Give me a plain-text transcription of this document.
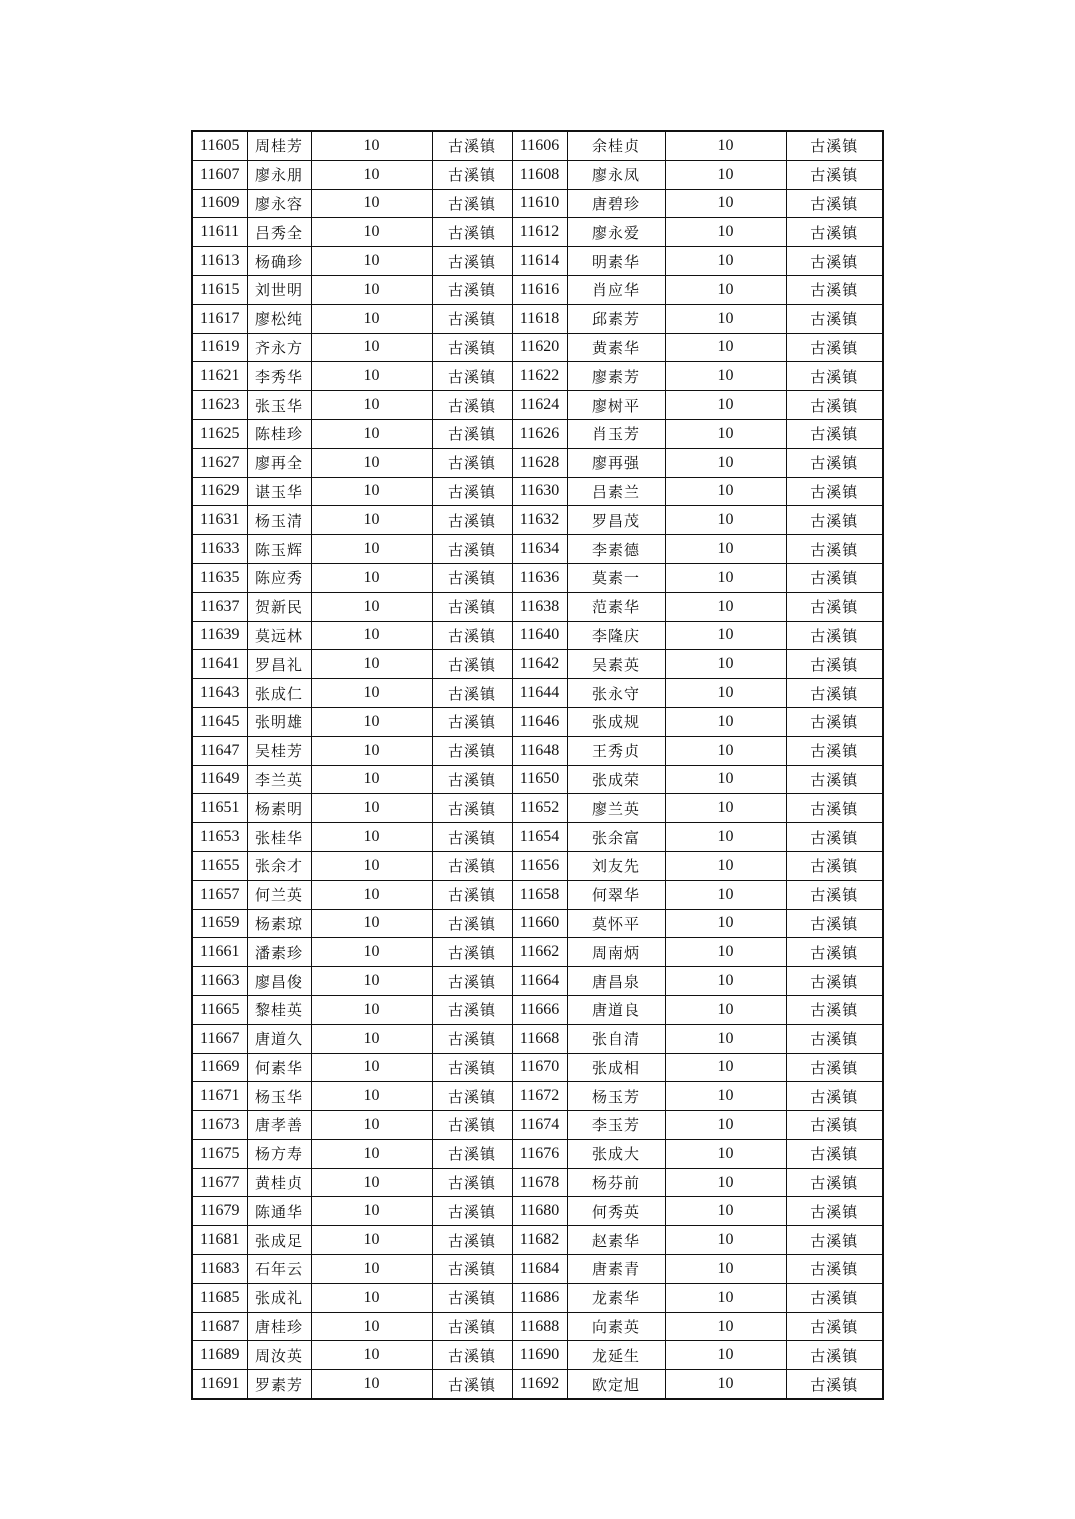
11605	周桂芳	10	古溪镇	11606	余桂贞	10	古溪镇
11607	廖永朋	10	古溪镇	11608	廖永凤	10	古溪镇
11609	廖永容	10	古溪镇	11610	唐碧珍	10	古溪镇
11611	吕秀全	10	古溪镇	11612	廖永爱	10	古溪镇
11613	杨确珍	10	古溪镇	11614	明素华	10	古溪镇
11615	刘世明	10	古溪镇	11616	肖应华	10	古溪镇
11617	廖松纯	10	古溪镇	11618	邱素芳	10	古溪镇
11619	齐永方	10	古溪镇	11620	黄素华	10	古溪镇
11621	李秀华	10	古溪镇	11622	廖素芳	10	古溪镇
11623	张玉华	10	古溪镇	11624	廖树平	10	古溪镇
11625	陈桂珍	10	古溪镇	11626	肖玉芳	10	古溪镇
11627	廖再全	10	古溪镇	11628	廖再强	10	古溪镇
11629	谌玉华	10	古溪镇	11630	吕素兰	10	古溪镇
11631	杨玉清	10	古溪镇	11632	罗昌茂	10	古溪镇
11633	陈玉辉	10	古溪镇	11634	李素德	10	古溪镇
11635	陈应秀	10	古溪镇	11636	莫素一	10	古溪镇
11637	贺新民	10	古溪镇	11638	范素华	10	古溪镇
11639	莫远林	10	古溪镇	11640	李隆庆	10	古溪镇
11641	罗昌礼	10	古溪镇	11642	吴素英	10	古溪镇
11643	张成仁	10	古溪镇	11644	张永守	10	古溪镇
11645	张明雄	10	古溪镇	11646	张成规	10	古溪镇
11647	吴桂芳	10	古溪镇	11648	王秀贞	10	古溪镇
11649	李兰英	10	古溪镇	11650	张成荣	10	古溪镇
11651	杨素明	10	古溪镇	11652	廖兰英	10	古溪镇
11653	张桂华	10	古溪镇	11654	张余富	10	古溪镇
11655	张余才	10	古溪镇	11656	刘友先	10	古溪镇
11657	何兰英	10	古溪镇	11658	何翠华	10	古溪镇
11659	杨素琼	10	古溪镇	11660	莫怀平	10	古溪镇
11661	潘素珍	10	古溪镇	11662	周南炳	10	古溪镇
11663	廖昌俊	10	古溪镇	11664	唐昌泉	10	古溪镇
11665	黎桂英	10	古溪镇	11666	唐道良	10	古溪镇
11667	唐道久	10	古溪镇	11668	张自清	10	古溪镇
11669	何素华	10	古溪镇	11670	张成相	10	古溪镇
11671	杨玉华	10	古溪镇	11672	杨玉芳	10	古溪镇
11673	唐孝善	10	古溪镇	11674	李玉芳	10	古溪镇
11675	杨方寿	10	古溪镇	11676	张成大	10	古溪镇
11677	黄桂贞	10	古溪镇	11678	杨芬前	10	古溪镇
11679	陈通华	10	古溪镇	11680	何秀英	10	古溪镇
11681	张成足	10	古溪镇	11682	赵素华	10	古溪镇
11683	石年云	10	古溪镇	11684	唐素青	10	古溪镇
11685	张成礼	10	古溪镇	11686	龙素华	10	古溪镇
11687	唐桂珍	10	古溪镇	11688	向素英	10	古溪镇
11689	周汝英	10	古溪镇	11690	龙延生	10	古溪镇
11691	罗素芳	10	古溪镇	11692	欧定旭	10	古溪镇
